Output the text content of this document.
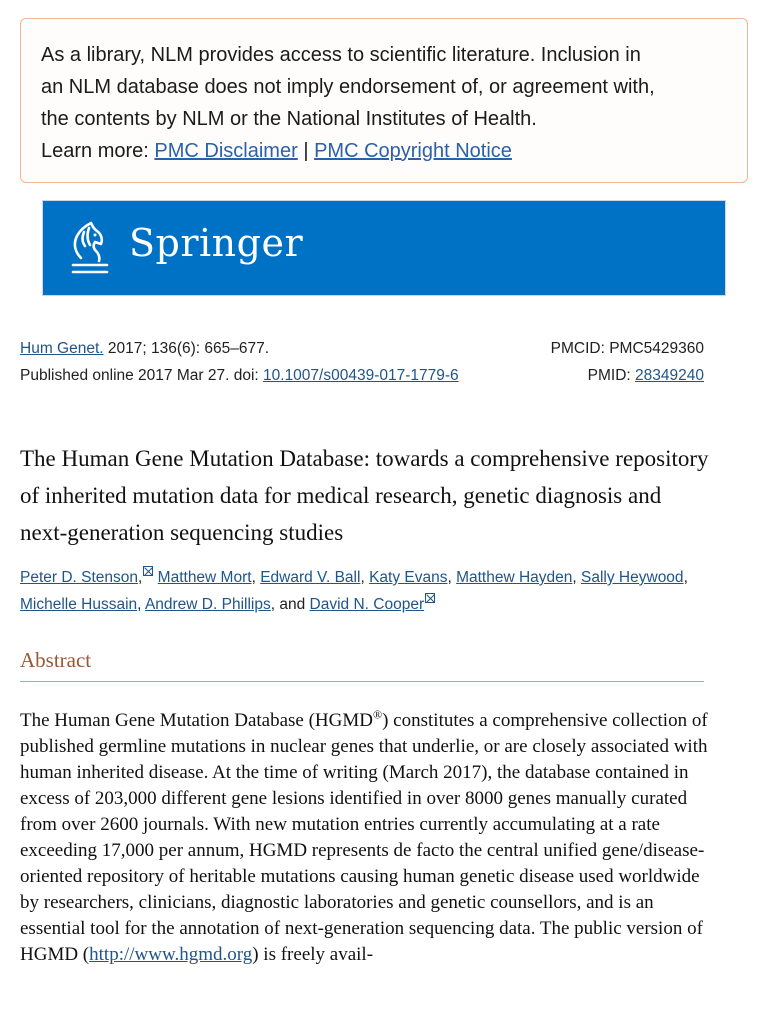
As a library, NLM provides access to scientific literature. Inclusion in
an NLM database does not imply endorsement of, or agreement with,
the contents by NLM or the National Institutes of Health.
Learn more: PMC Disclaimer | PMC Copyright Notice

Springer
Hum Genet. 2017; 136(6): 665–677.
Published online 2017 Mar 27. doi: 10.1007/s00439-017-1779-6
PMCID: PMC5429360
PMID: 28349240
The Human Gene Mutation Database: towards a comprehensive repository of inherited mutation data for medical research, genetic diagnosis and next-generation sequencing studies
Peter D. Stenson, Matthew Mort, Edward V. Ball, Katy Evans, Matthew Hayden, Sally Heywood, Michelle Hussain, Andrew D. Phillips, and David N. Cooper
Abstract

The Human Gene Mutation Database (HGMD®) constitutes a comprehensive collection of published germline mutations in nuclear genes that underlie, or are closely associated with human inherited disease. At the time of writing (March 2017), the database contained in excess of 203,000 different gene lesions identified in over 8000 genes manually curated from over 2600 journals. With new mutation entries currently accumulating at a rate exceeding 17,000 per annum, HGMD represents de facto the central unified gene/disease-oriented repository of heritable mutations causing human genetic disease used worldwide by researchers, clinicians, diagnostic laboratories and genetic counsellors, and is an essential tool for the annotation of next-generation sequencing data. The public version of HGMD (http://www.hgmd.org) is freely avail-
